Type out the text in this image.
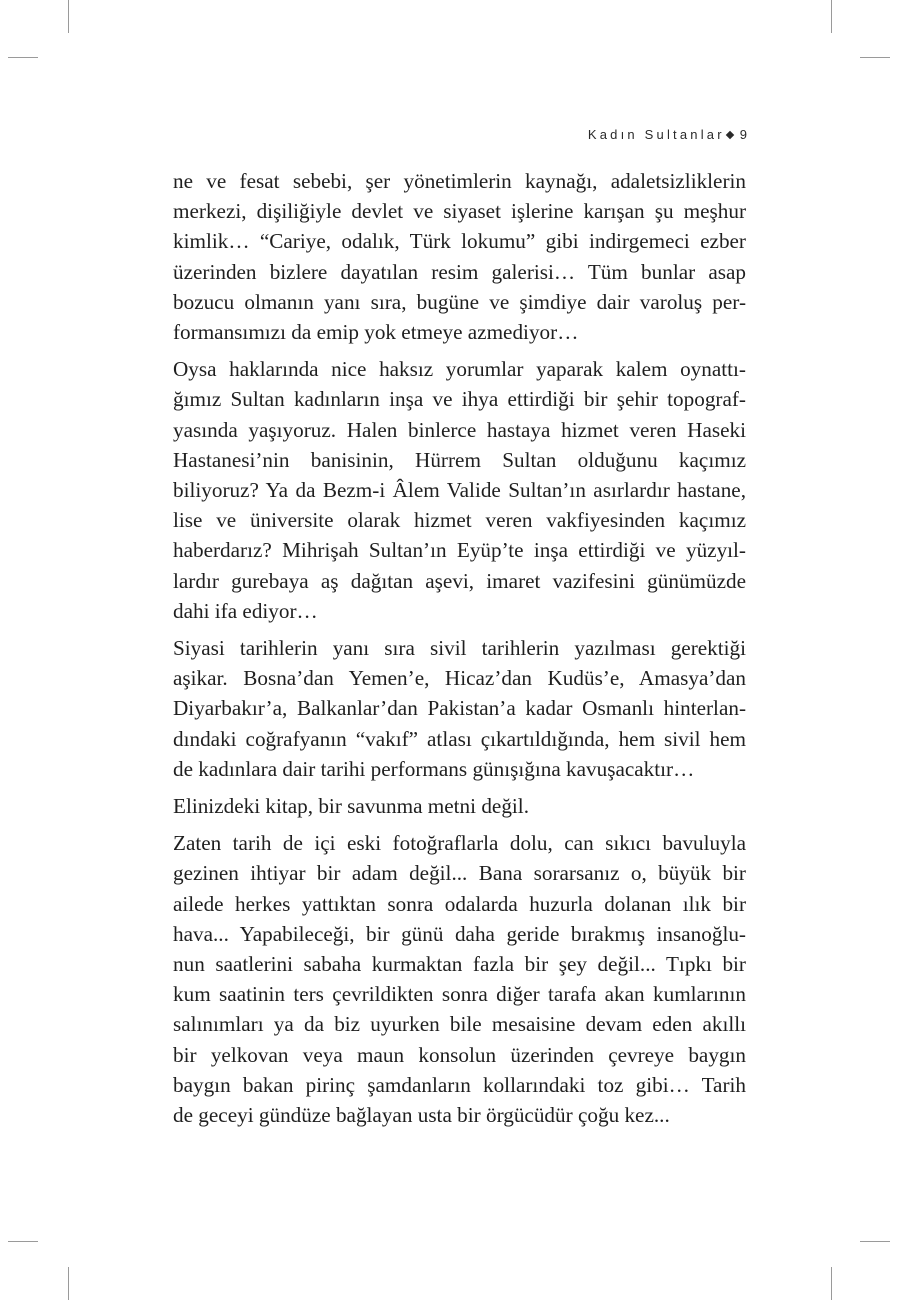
Kadın Sultanlar 9

ne ve fesat sebebi, şer yönetimlerin kaynağı, adaletsizliklerin
merkezi, dişiliğiyle devlet ve siyaset işlerine karışan şu meşhur
kimlik… “Cariye, odalık, Türk lokumu” gibi indirgemeci ezber
üzerinden bizlere dayatılan resim galerisi… Tüm bunlar asap
bozucu olmanın yanı sıra, bugüne ve şimdiye dair varoluş per-
formansımızı da emip yok etmeye azmediyor…

Oysa haklarında nice haksız yorumlar yaparak kalem oynattı-
ğımız Sultan kadınların inşa ve ihya ettirdiği bir şehir topograf-
yasında yaşıyoruz. Halen binlerce hastaya hizmet veren Haseki
Hastanesi’nin banisinin, Hürrem Sultan olduğunu kaçımız
biliyoruz? Ya da Bezm-i Âlem Valide Sultan’ın asırlardır hastane,
lise ve üniversite olarak hizmet veren vakfiyesinden kaçımız
haberdarız? Mihrişah Sultan’ın Eyüp’te inşa ettirdiği ve yüzyıl-
lardır gurebaya aş dağıtan aşevi, imaret vazifesini günümüzde
dahi ifa ediyor…

Siyasi tarihlerin yanı sıra sivil tarihlerin yazılması gerektiği
aşikar. Bosna’dan Yemen’e, Hicaz’dan Kudüs’e, Amasya’dan
Diyarbakır’a, Balkanlar’dan Pakistan’a kadar Osmanlı hinterlan-
dındaki coğrafyanın “vakıf” atlası çıkartıldığında, hem sivil hem
de kadınlara dair tarihi performans günışığına kavuşacaktır…

Elinizdeki kitap, bir savunma metni değil.

Zaten tarih de içi eski fotoğraflarla dolu, can sıkıcı bavuluyla
gezinen ihtiyar bir adam değil... Bana sorarsanız o, büyük bir
ailede herkes yattıktan sonra odalarda huzurla dolanan ılık bir
hava... Yapabileceği, bir günü daha geride bırakmış insanoğlu-
nun saatlerini sabaha kurmaktan fazla bir şey değil... Tıpkı bir
kum saatinin ters çevrildikten sonra diğer tarafa akan kumlarının
salınımları ya da biz uyurken bile mesaisine devam eden akıllı
bir yelkovan veya maun konsolun üzerinden çevreye baygın
baygın bakan pirinç şamdanların kollarındaki toz gibi… Tarih
de geceyi gündüze bağlayan usta bir örgücüdür çoğu kez...
